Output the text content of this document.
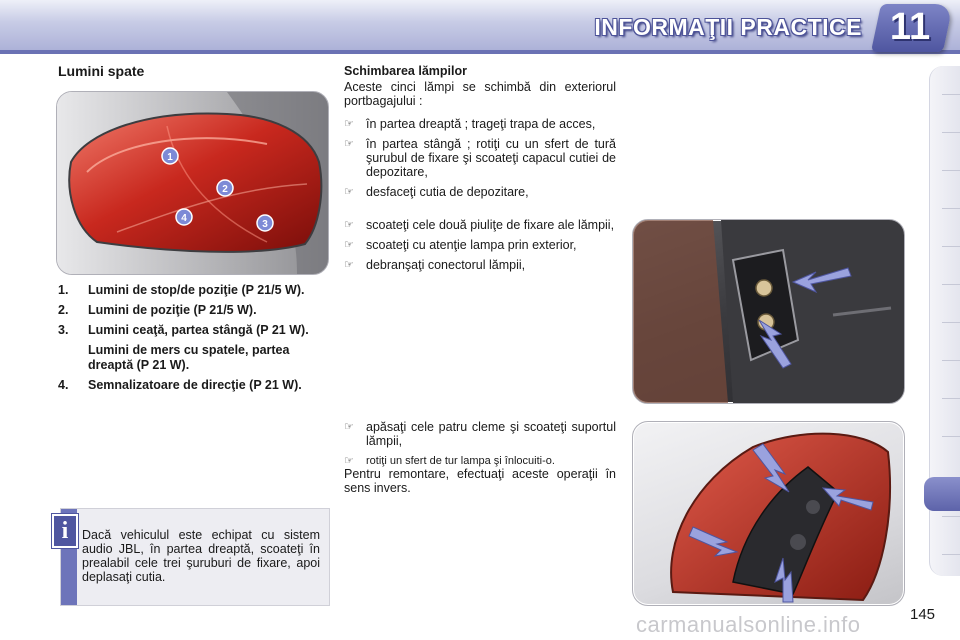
INFORMAŢII PRACTICE 11
Lumini spate
1
2
4
3
1.	Lumini de stop/de poziţie (P 21/5 W).
2.	Lumini de poziţie (P 21/5 W).
3.	Lumini ceaţă, partea stângă (P 21 W).
Lumini de mers cu spatele, partea dreaptă (P 21 W).
4.	Semnalizatoare de direcţie (P 21 W).
i	Dacă vehiculul este echipat cu sistem audio JBL, în partea dreaptă, scoateţi în prealabil cele trei şuruburi de fixare, apoi deplasaţi cutia.
Schimbarea lămpilor
Aceste cinci lămpi se schimbă din exteriorul portbagajului :
☞ în partea dreaptă ; trageţi trapa de acces,
☞ în partea stângă ; rotiţi cu un sfert de tură şurubul de fixare şi scoateţi capacul cutiei de depozitare,
☞ desfaceţi cutia de depozitare,
☞ scoateţi cele două piuliţe de fixare ale lămpii,
☞ scoateţi cu atenţie lampa prin exterior,
☞ debranşaţi conectorul lămpii,
☞ apăsaţi cele patru cleme şi scoateţi suportul lămpii,
☞	rotiţi un sfert de tur lampa şi înlocuiti-o.
Pentru remontare, efectuaţi aceste operaţii în sens invers.
145
carmanualsonline.info
